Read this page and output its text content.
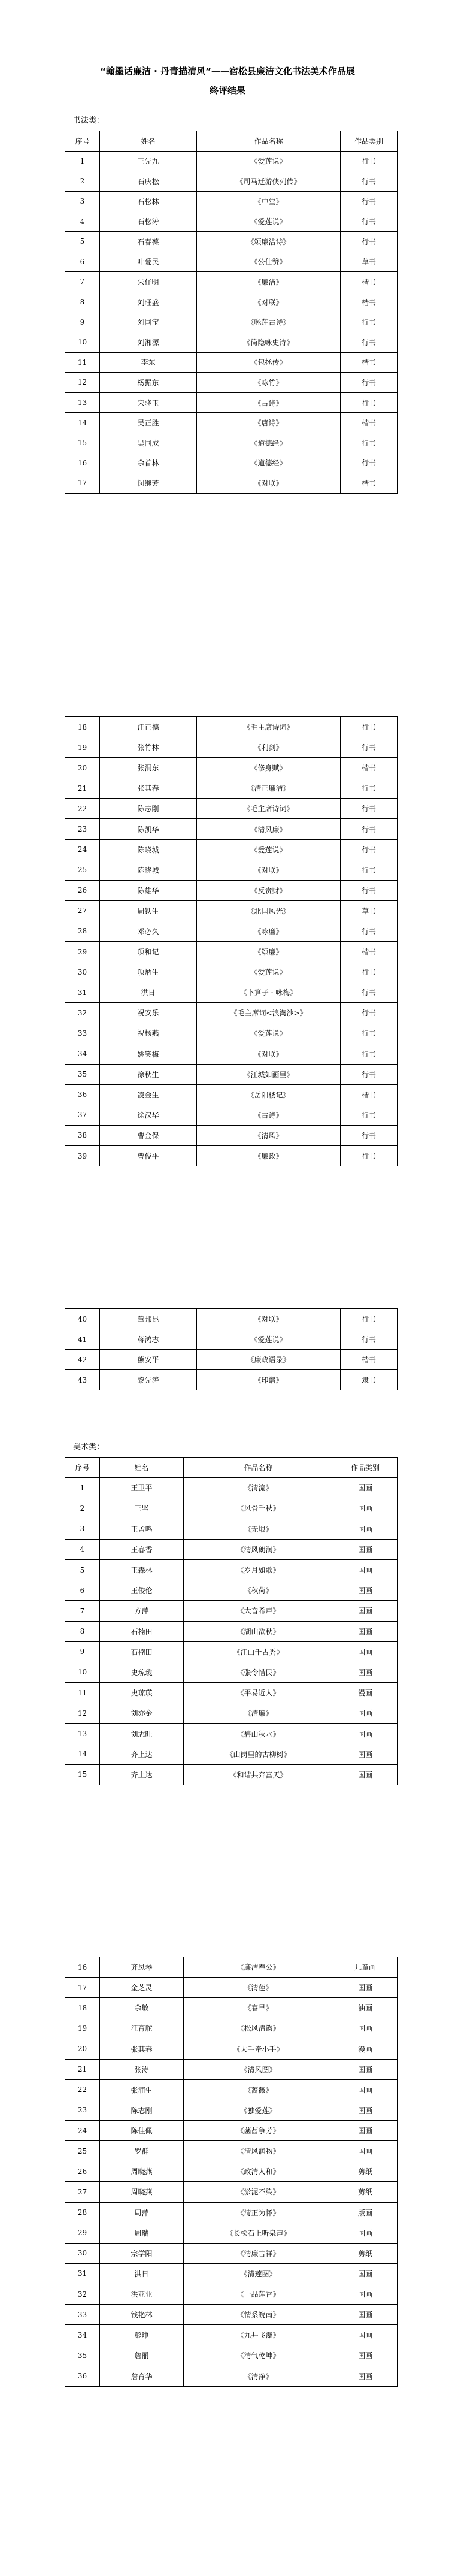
“翰墨话廉洁 · 丹青描清风”——宿松县廉洁文化书法美术作品展
终评结果
书法类：
序号	姓名	作品名称	作品类别
1	王先九	《爱莲说》	行书
2	石庆松	《司马迁游侠列传》	行书
3	石松林	《中堂》	行书
4	石松涛	《爱莲说》	行书
5	石春葆	《颂廉洁诗》	行书
6	叶爱民	《公仕赞》	草书
7	朱仔明	《廉洁》	楷书
8	刘旺盛	《对联》	楷书
9	刘国宝	《咏莲古诗》	行书
10	刘湘源	《简隐咏史诗》	行书
11	李东	《包拯传》	楷书
12	杨振东	《咏竹》	行书
13	宋骁玉	《古诗》	行书
14	吴正胜	《唐诗》	楷书
15	吴国成	《道德经》	行书
16	余首林	《道德经》	行书
17	闵继芳	《对联》	楷书
18	汪正德	《毛主席诗词》	行书
19	张竹林	《利剑》	行书
20	张洞东	《修身赋》	楷书
21	张其春	《清正廉洁》	行书
22	陈志刚	《毛主席诗词》	行书
23	陈凯华	《清风廉》	行书
24	陈晓城	《爱莲说》	行书
25	陈晓城	《对联》	行书
26	陈雄华	《反贪财》	行书
27	周铁生	《北国风光》	草书
28	邓必久	《咏廉》	行书
29	项和记	《颂廉》	楷书
30	项炳生	《爱莲说》	行书
31	洪日	《卜算子 · 咏梅》	行书
32	祝安乐	《毛主席词<浪淘沙>》	行书
33	祝杨燕	《爱莲说》	行书
34	姚笑梅	《对联》	行书
35	徐秋生	《江城如画里》	行书
36	凌金生	《岳阳楼记》	楷书
37	徐汉华	《古诗》	行书
38	曹金保	《清风》	行书
39	曹俊平	《廉政》	行书
40	董邦昆	《对联》	行书
41	蒋鸿志	《爱莲说》	行书
42	熊安平	《廉政语录》	楷书
43	黎先涛	《印谱》	隶书
美术类：
序号	姓名	作品名称	作品类别
1	王卫平	《清流》	国画
2	王坚	《风骨千秋》	国画
3	王孟鸣	《无垠》	国画
4	王春香	《清风朗润》	国画
5	王森林	《岁月如歌》	国画
6	王俊伦	《秋荷》	国画
7	方萍	《大音希声》	国画
8	石楠田	《湖山欲秋》	国画
9	石楠田	《江山千古秀》	国画
10	史琼珑	《张令惜民》	国画
11	史琼瑛	《平易近人》	漫画
12	刘亦金	《清廉》	国画
13	刘志旺	《碧山秋水》	国画
14	齐上达	《山岗里的古柳树》	国画
15	齐上达	《和谐共奔富天》	国画
16	齐凤琴	《廉洁奉公》	儿童画
17	金芝灵	《清莲》	国画
18	余敏	《春早》	油画
19	汪育舵	《松风清韵》	国画
20	张其春	《大手牵小手》	漫画
21	张涛	《清风图》	国画
22	张浦生	《蔷薇》	国画
23	陈志刚	《独爱莲》	国画
24	陈佳佩	《菡萏争芳》	国画
25	罗群	《清风润物》	国画
26	周晓燕	《政清人和》	剪纸
27	周晓燕	《淤泥不染》	剪纸
28	周萍	《清正为怀》	版画
29	周瑞	《长松石上听泉声》	国画
30	宗学阳	《清廉吉祥》	剪纸
31	洪日	《清莲图》	国画
32	洪亚业	《一品莲香》	国画
33	钱艳林	《情系皖南》	国画
34	彭琤	《九井飞瀑》	国画
35	詹丽	《清气乾坤》	国画
36	詹育华	《清净》	国画
